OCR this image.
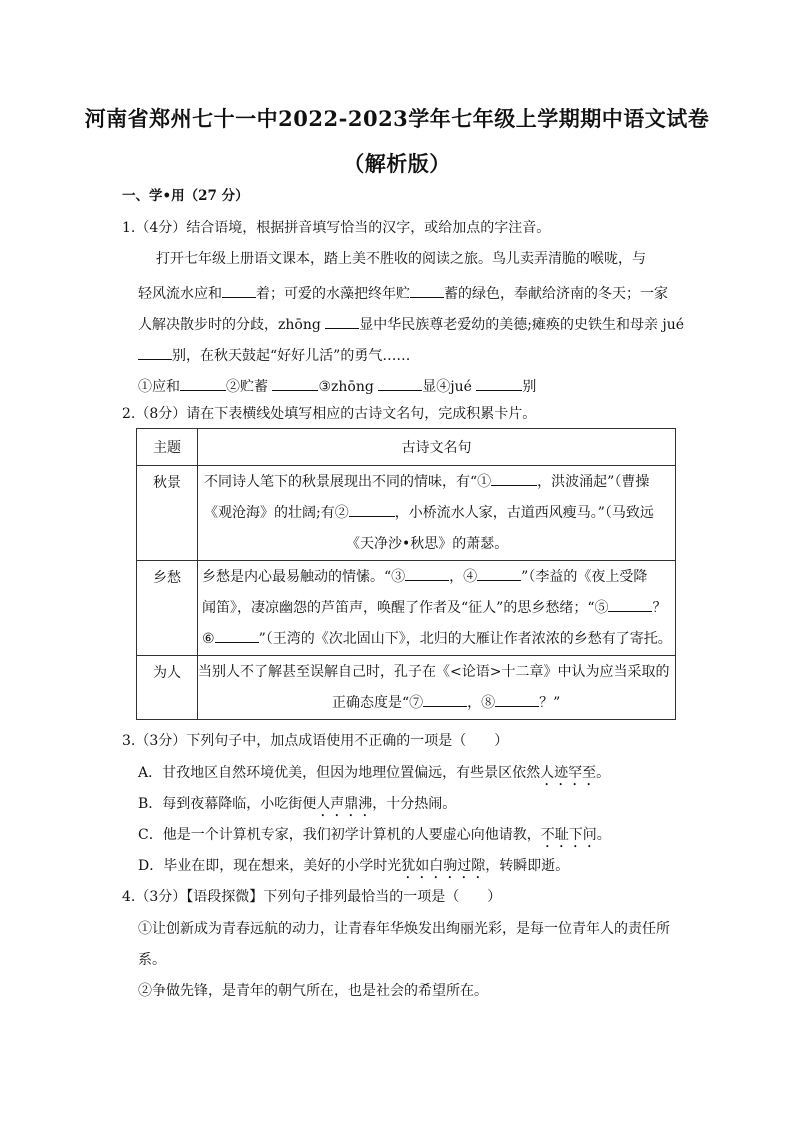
河南省郑州七十一中2022-2023学年七年级上学期期中语文试卷
（解析版）
一、学•用（27 分）
1.（4分）结合语境，根据拼音填写恰当的汉字，或给加点的字注音。
打开七年级上册语文课本，踏上美不胜收的阅读之旅。鸟儿卖弄清脆的喉咙，与
轻风流水应和 着；可爱的水藻把终年贮 蓄的绿色，奉献给济南的冬天；一家
人解决散步时的分歧，zhōng 显中华民族尊老爱幼的美德;瘫痪的史铁生和母亲 jué
别，在秋天鼓起“好好儿活”的勇气……
①应和	②贮蓄	③zhōng	显④jué	别
2.（8分）请在下表横线处填写相应的古诗文名句，完成积累卡片。
主题	古诗文名句
秋景	不同诗人笔下的秋景展现出不同的情味，有“① ，洪波涌起”（曹操
《观沧海》的壮阔;有② ，小桥流水人家，古道西风瘦马。”（马致远
《天净沙•秋思》的萧瑟。

乡愁	乡愁是内心最易触动的情愫。“③ ，④ ”（李益的《夜上受降
闻笛》，凄凉幽怨的芦笛声，唤醒了作者及“征人”的思乡愁绪；“⑤ ？
⑥ ”（王湾的《次北固山下》，北归的大雁让作者浓浓的乡愁有了寄托。

为人	当别人不了解甚至误解自己时，孔子在《<论语>十二章》中认为应当采取的
正确态度是“⑦ ，⑧ ？”
3.（3分）下列句子中，加点成语使用不正确的一项是（　　）
A．甘孜地区自然环境优美，但因为地理位置偏远，有些景区依然人迹罕至。
B．每到夜幕降临，小吃街便人声鼎沸，十分热闹。
C．他是一个计算机专家，我们初学计算机的人要虚心向他请教，不耻下问。
D．毕业在即，现在想来，美好的小学时光犹如白驹过隙，转瞬即逝。
4.（3分）【语段探微】下列句子排列最恰当的一项是（　　）
①让创新成为青春远航的动力，让青春年华焕发出绚丽光彩，是每一位青年人的责任所
系。
②争做先锋，是青年的朝气所在，也是社会的希望所在。
